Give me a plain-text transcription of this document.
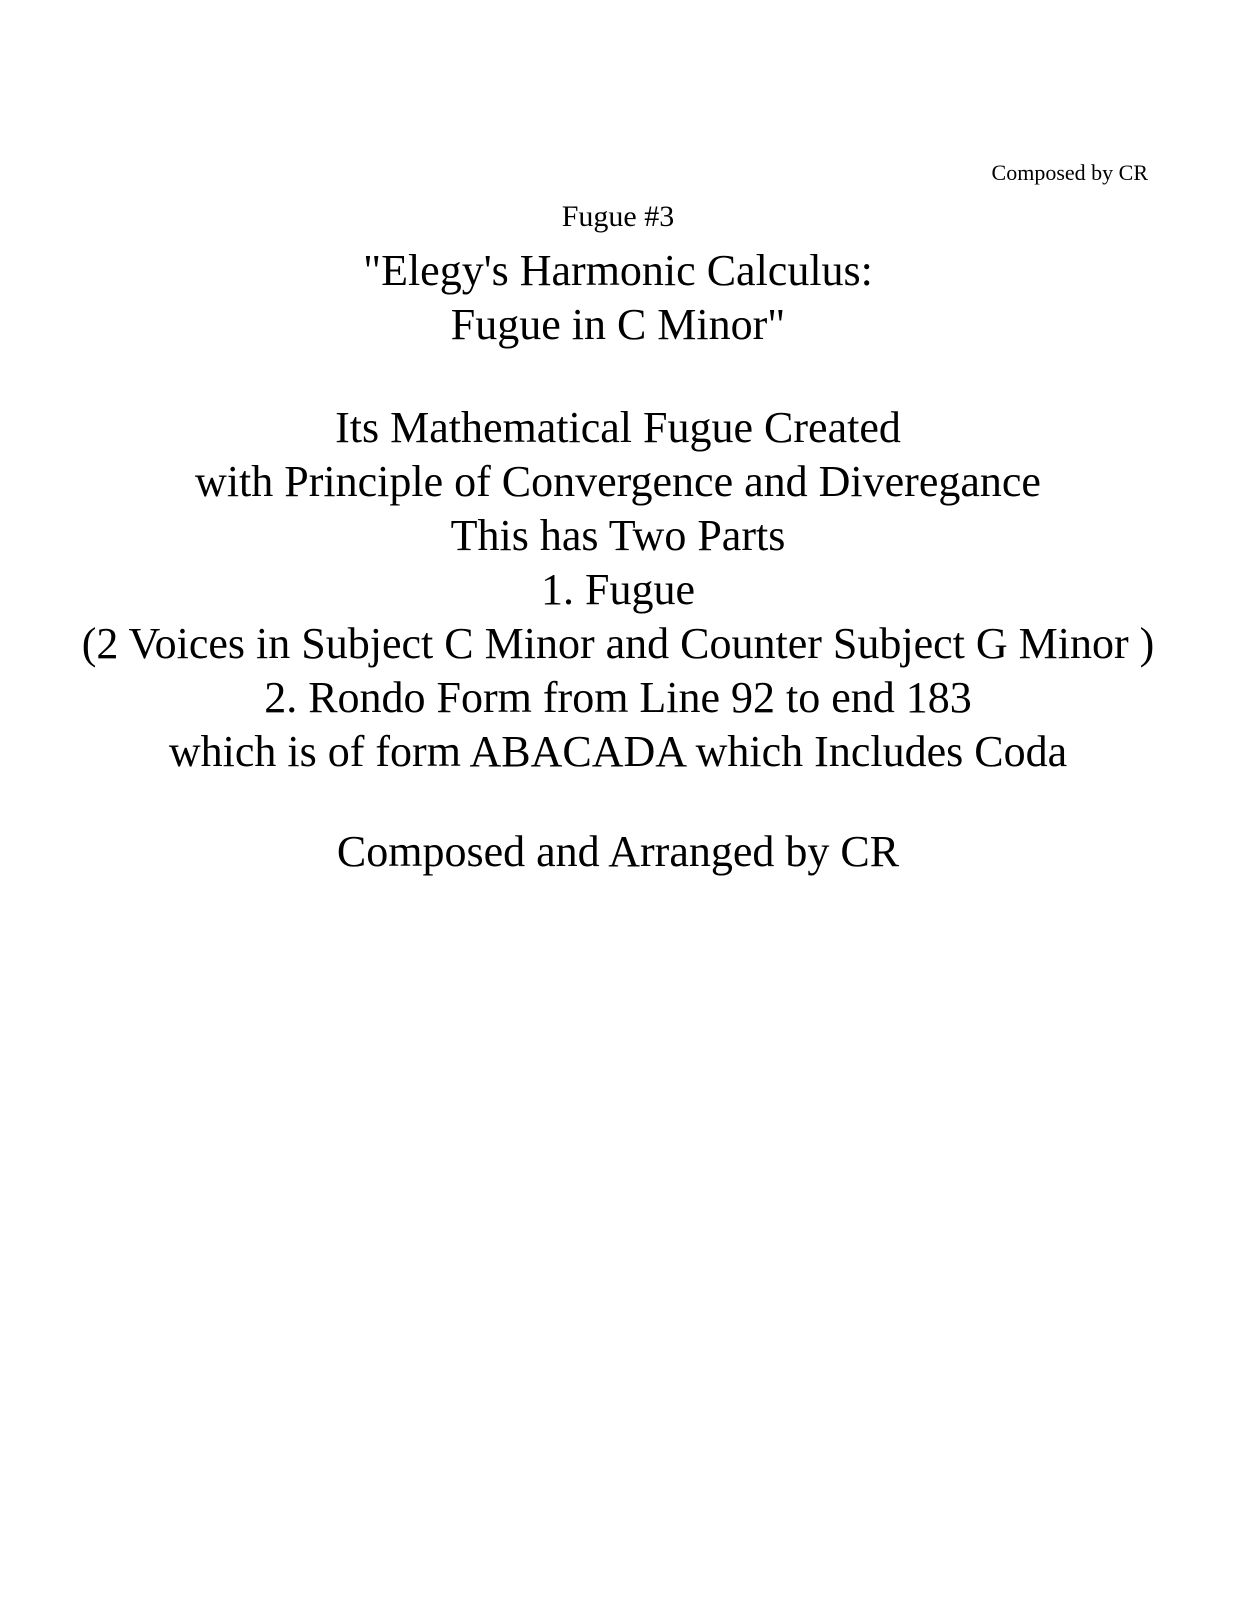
Composed by CR
Fugue #3
"Elegy's Harmonic Calculus:
Fugue in C Minor"
Its Mathematical Fugue Created
with Principle of Convergence and Diveregance
This has Two Parts
1. Fugue
(2 Voices in Subject C Minor and Counter Subject G Minor )
2. Rondo Form from Line 92 to end 183
which is of form ABACADA which Includes Coda
Composed and Arranged by CR
